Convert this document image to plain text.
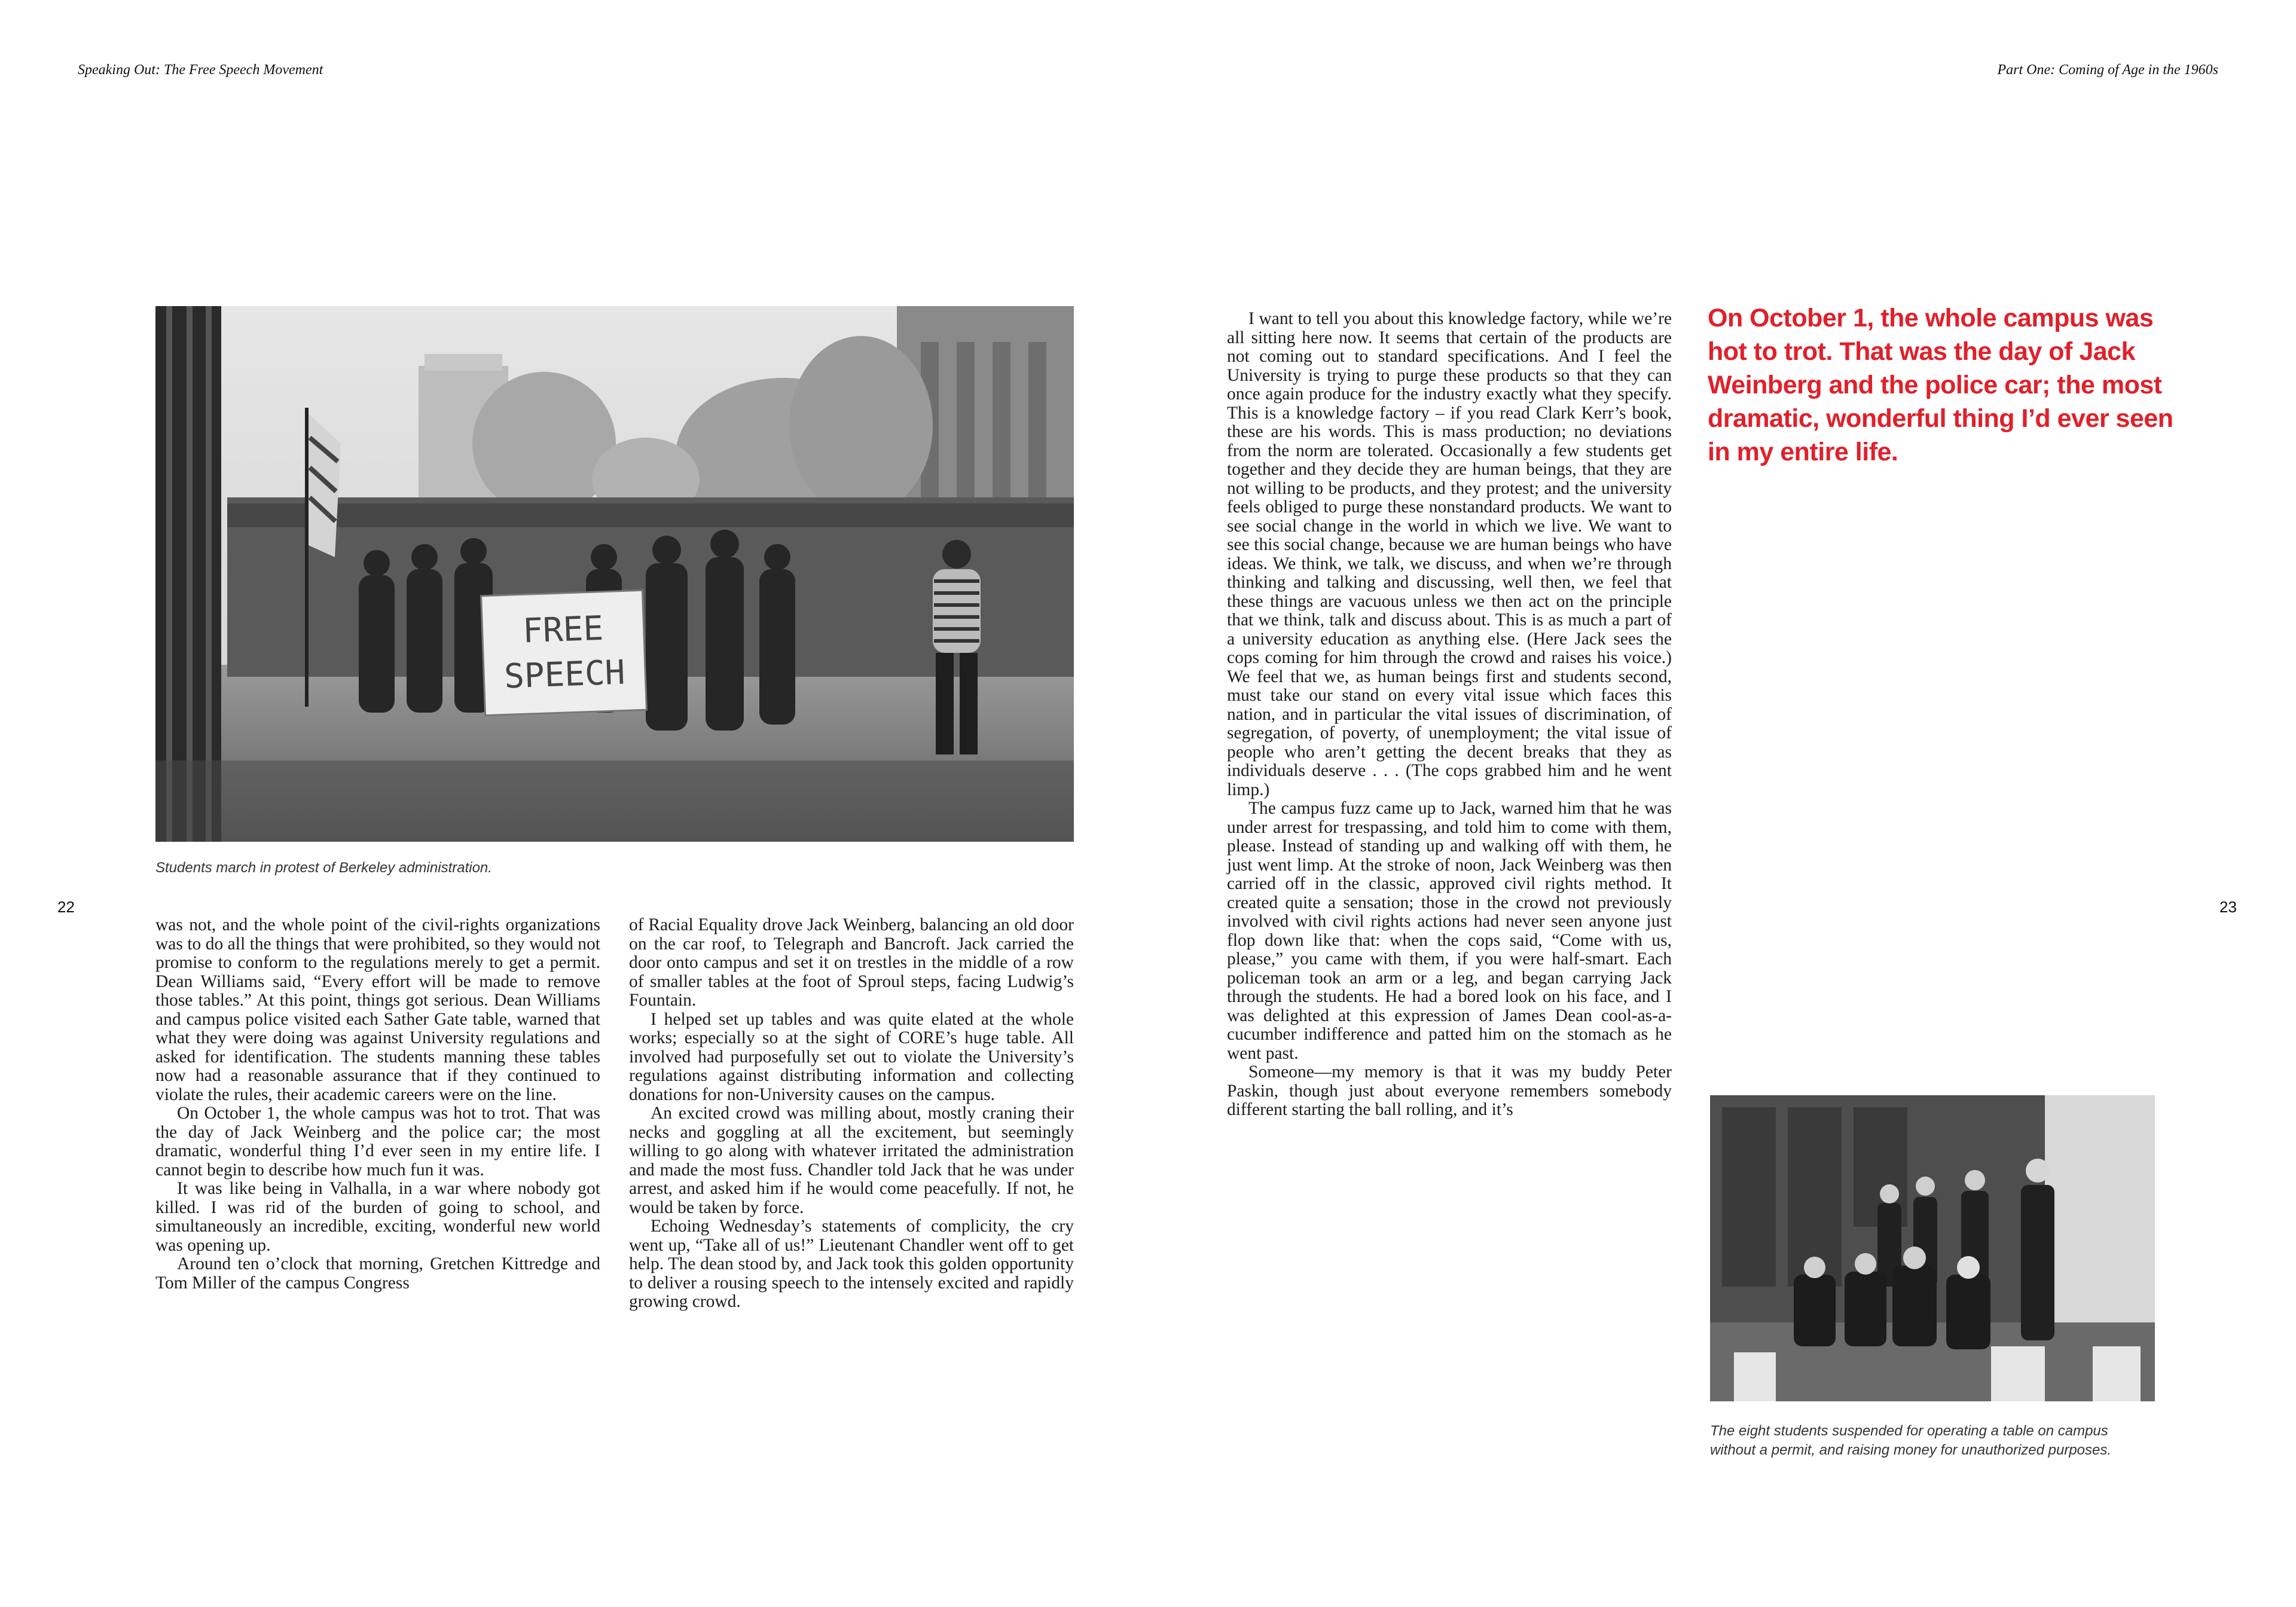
Speaking Out: The Free Speech Movement	Part One: Coming of Age in the 1960s
22	23
FREE
SPEECH
Students march in protest of Berkeley administration.

was not, and the whole point of the civil-rights organizations was to do all the things that were prohibited, so they would not promise to conform to the regulations merely to get a permit. Dean Williams said, “Every effort will be made to remove those tables.” At this point, things got serious. Dean Williams and campus police visited each Sather Gate table, warned that what they were doing was against University regulations and asked for identification. The students manning these tables now had a reasonable assurance that if they continued to violate the rules, their academic careers were on the line.

On October 1, the whole campus was hot to trot. That was the day of Jack Weinberg and the police car; the most dramatic, wonderful thing I’d ever seen in my entire life. I cannot begin to describe how much fun it was.

It was like being in Valhalla, in a war where nobody got killed. I was rid of the burden of going to school, and simultaneously an incredible, exciting, wonderful new world was opening up.

Around ten o’clock that morning, Gretchen Kittredge and Tom Miller of the campus Congress

of Racial Equality drove Jack Weinberg, balancing an old door on the car roof, to Telegraph and Bancroft. Jack carried the door onto campus and set it on trestles in the middle of a row of smaller tables at the foot of Sproul steps, facing Ludwig’s Fountain.

I helped set up tables and was quite elated at the whole works; especially so at the sight of CORE’s huge table. All involved had purposefully set out to violate the University’s regulations against distributing information and collecting donations for non-University causes on the campus.

An excited crowd was milling about, mostly craning their necks and goggling at all the excitement, but seemingly willing to go along with whatever irritated the administration and made the most fuss. Chandler told Jack that he was under arrest, and asked him if he would come peacefully. If not, he would be taken by force.

Echoing Wednesday’s statements of complicity, the cry went up, “Take all of us!” Lieutenant Chandler went off to get help. The dean stood by, and Jack took this golden opportunity to deliver a rousing speech to the intensely excited and rapidly growing crowd.

I want to tell you about this knowledge factory, while we’re all sitting here now. It seems that certain of the products are not coming out to standard specifications. And I feel the University is trying to purge these products so that they can once again produce for the industry exactly what they specify. This is a knowledge factory – if you read Clark Kerr’s book, these are his words. This is mass production; no deviations from the norm are tolerated. Occasionally a few students get together and they decide they are human beings, that they are not willing to be products, and they protest; and the university feels obliged to purge these nonstandard products. We want to see social change in the world in which we live. We want to see this social change, because we are human beings who have ideas. We think, we talk, we discuss, and when we’re through thinking and talking and discussing, well then, we feel that these things are vacuous unless we then act on the principle that we think, talk and discuss about. This is as much a part of a university education as anything else. (Here Jack sees the cops coming for him through the crowd and raises his voice.) We feel that we, as human beings first and students second, must take our stand on every vital issue which faces this nation, and in particular the vital issues of discrimination, of segregation, of poverty, of unemployment; the vital issue of people who aren’t getting the decent breaks that they as individuals deserve . . . (The cops grabbed him and he went limp.)

The campus fuzz came up to Jack, warned him that he was under arrest for trespassing, and told him to come with them, please. Instead of standing up and walking off with them, he just went limp. At the stroke of noon, Jack Weinberg was then carried off in the classic, approved civil rights method. It created quite a sensation; those in the crowd not previously involved with civil rights actions had never seen anyone just flop down like that: when the cops said, “Come with us, please,” you came with them, if you were half-smart. Each policeman took an arm or a leg, and began carrying Jack through the students. He had a bored look on his face, and I was delighted at this expression of James Dean cool-as-a-cucumber indifference and patted him on the stomach as he went past.

Someone—my memory is that it was my buddy Peter Paskin, though just about everyone remembers somebody different starting the ball rolling, and it’s

On October 1, the whole campus was hot to trot. That was the day of Jack Weinberg and the police car; the most dramatic, wonderful thing I’d ever seen in my entire life.
The eight students suspended for operating a table on campus
without a permit, and raising money for unauthorized purposes.
